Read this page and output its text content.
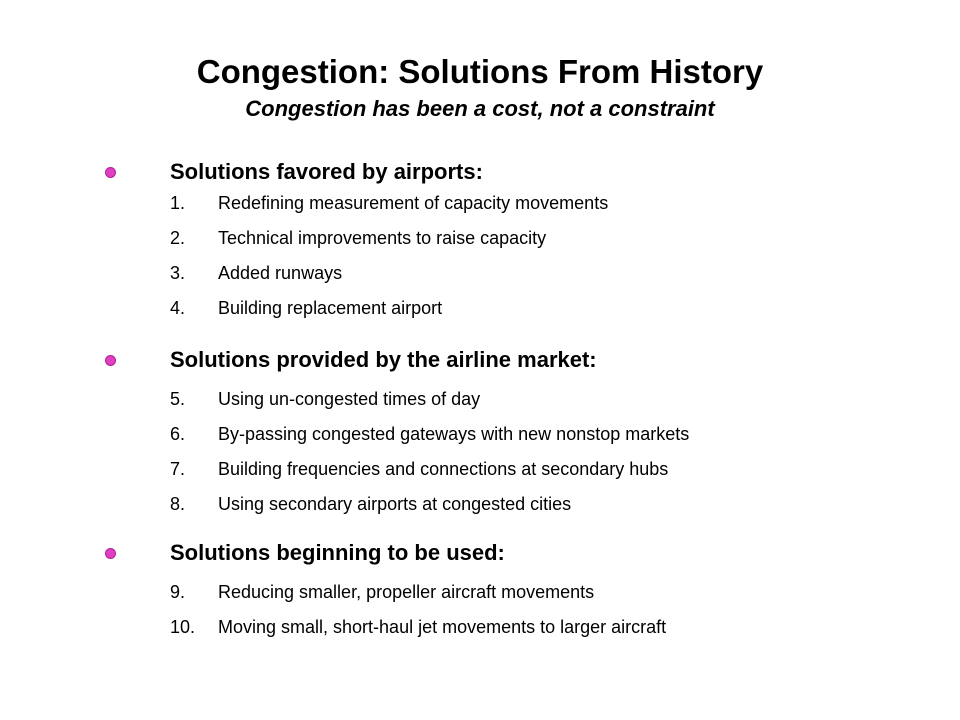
Congestion: Solutions From History
Congestion has been a cost, not a constraint
Solutions favored by airports:
1. Redefining measurement of capacity movements
2. Technical improvements to raise capacity
3. Added runways
4. Building replacement airport
Solutions provided by the airline market:
5. Using un-congested times of day
6. By-passing congested gateways with new nonstop markets
7. Building frequencies and connections at secondary hubs
8. Using secondary airports at congested cities
Solutions beginning to be used:
9. Reducing smaller, propeller aircraft movements
10. Moving small, short-haul jet movements to larger aircraft
